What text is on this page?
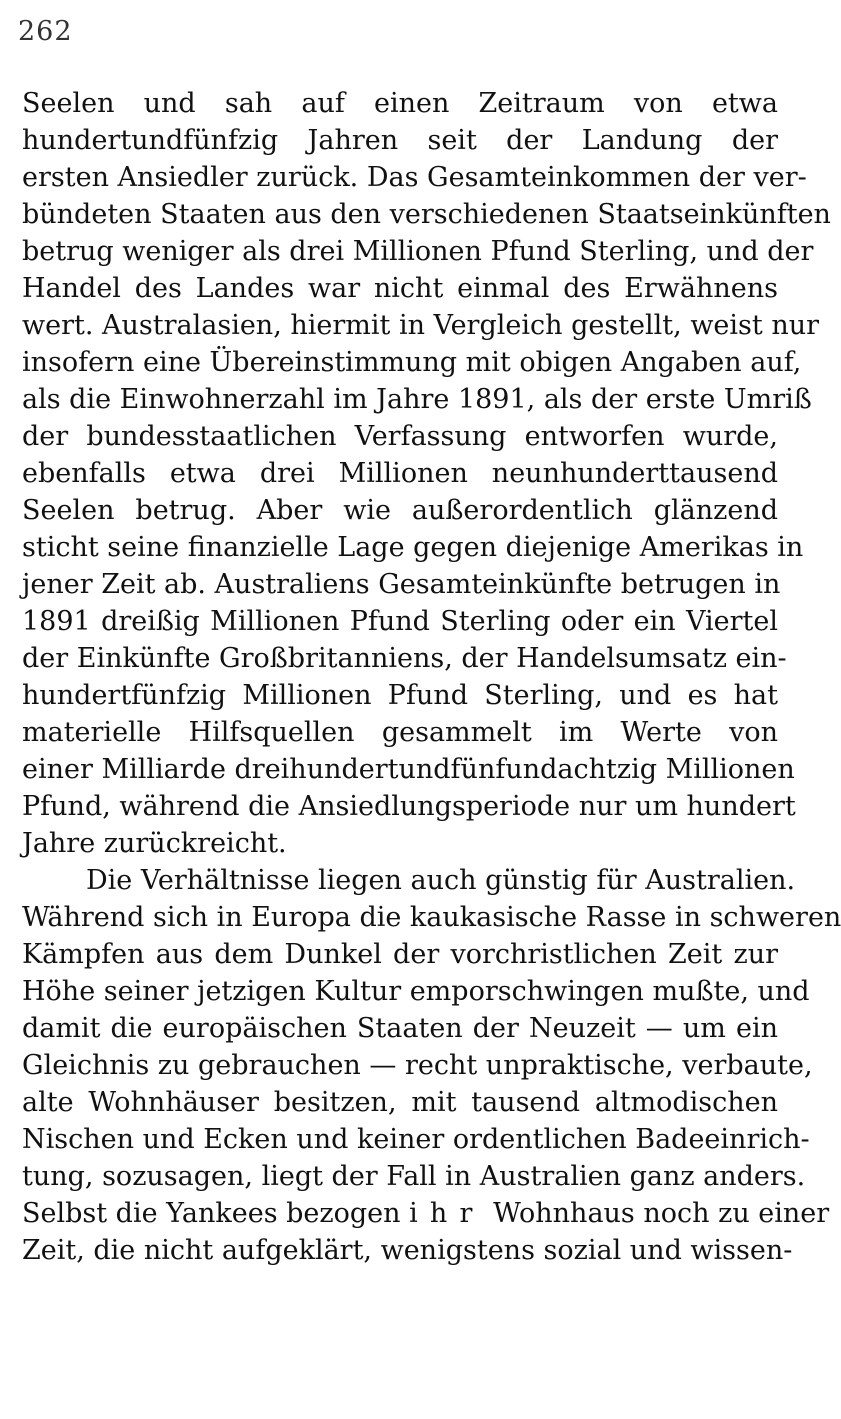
262
Seelen und sah auf einen Zeitraum von etwa
hundertundfünfzig Jahren seit der Landung der
ersten Ansiedler zurück. Das Gesamteinkommen der ver-
bündeten Staaten aus den verschiedenen Staatseinkünften
betrug weniger als drei Millionen Pfund Sterling, und der
Handel des Landes war nicht einmal des Erwähnens
wert. Australasien, hiermit in Vergleich gestellt, weist nur
insofern eine Übereinstimmung mit obigen Angaben auf,
als die Einwohnerzahl im Jahre 1891, als der erste Umriß
der bundesstaatlichen Verfassung entworfen wurde,
ebenfalls etwa drei Millionen neunhunderttausend
Seelen betrug. Aber wie außerordentlich glänzend
sticht seine finanzielle Lage gegen diejenige Amerikas in
jener Zeit ab. Australiens Gesamteinkünfte betrugen in
1891 dreißig Millionen Pfund Sterling oder ein Viertel
der Einkünfte Großbritanniens, der Handelsumsatz ein-
hundertfünfzig Millionen Pfund Sterling, und es hat
materielle Hilfsquellen gesammelt im Werte von
einer Milliarde dreihundertundfünfundachtzig Millionen
Pfund, während die Ansiedlungsperiode nur um hundert
Jahre zurückreicht.
Die Verhältnisse liegen auch günstig für Australien.
Während sich in Europa die kaukasische Rasse in schweren
Kämpfen aus dem Dunkel der vorchristlichen Zeit zur
Höhe seiner jetzigen Kultur emporschwingen mußte, und
damit die europäischen Staaten der Neuzeit — um ein
Gleichnis zu gebrauchen — recht unpraktische, verbaute,
alte Wohnhäuser besitzen, mit tausend altmodischen
Nischen und Ecken und keiner ordentlichen Badeeinrich-
tung, sozusagen, liegt der Fall in Australien ganz anders.
Selbst die Yankees bezogen ihr Wohnhaus noch zu einer
Zeit, die nicht aufgeklärt, wenigstens sozial und wissen-
